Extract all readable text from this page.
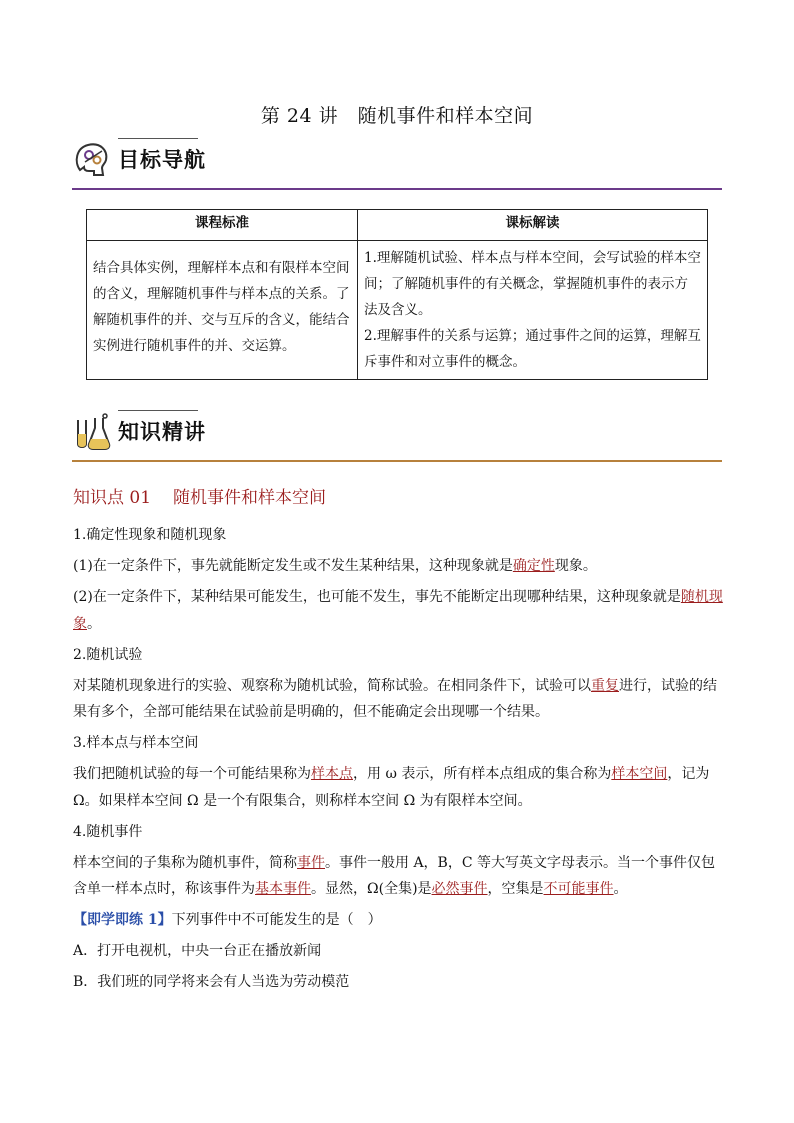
第 24 讲　随机事件和样本空间
目标导航
课程标准	课标解读
结合具体实例，理解样本点和有限样本空间的含义，理解随机事件与样本点的关系。了解随机事件的并、交与互斥的含义，能结合实例进行随机事件的并、交运算。	1.理解随机试验、样本点与样本空间，会写试验的样本空间；了解随机事件的有关概念，掌握随机事件的表示方法及含义。
2.理解事件的关系与运算；通过事件之间的运算，理解互斥事件和对立事件的概念。
知识精讲
知识点 01 随机事件和样本空间

1.确定性现象和随机现象

(1)在一定条件下，事先就能断定发生或不发生某种结果，这种现象就是确定性现象。

(2)在一定条件下，某种结果可能发生，也可能不发生，事先不能断定出现哪种结果，这种现象就是随机现象。

2.随机试验

对某随机现象进行的实验、观察称为随机试验，简称试验。在相同条件下，试验可以重复进行，试验的结果有多个，全部可能结果在试验前是明确的，但不能确定会出现哪一个结果。

3.样本点与样本空间

我们把随机试验的每一个可能结果称为样本点，用 ω 表示，所有样本点组成的集合称为样本空间，记为 Ω。如果样本空间 Ω 是一个有限集合，则称样本空间 Ω 为有限样本空间。

4.随机事件

样本空间的子集称为随机事件，简称事件。事件一般用 A，B，C 等大写英文字母表示。当一个事件仅包含单一样本点时，称该事件为基本事件。显然，Ω(全集)是必然事件，空集是不可能事件。

【即学即练 1】下列事件中不可能发生的是（　）

A．打开电视机，中央一台正在播放新闻

B．我们班的同学将来会有人当选为劳动模范
